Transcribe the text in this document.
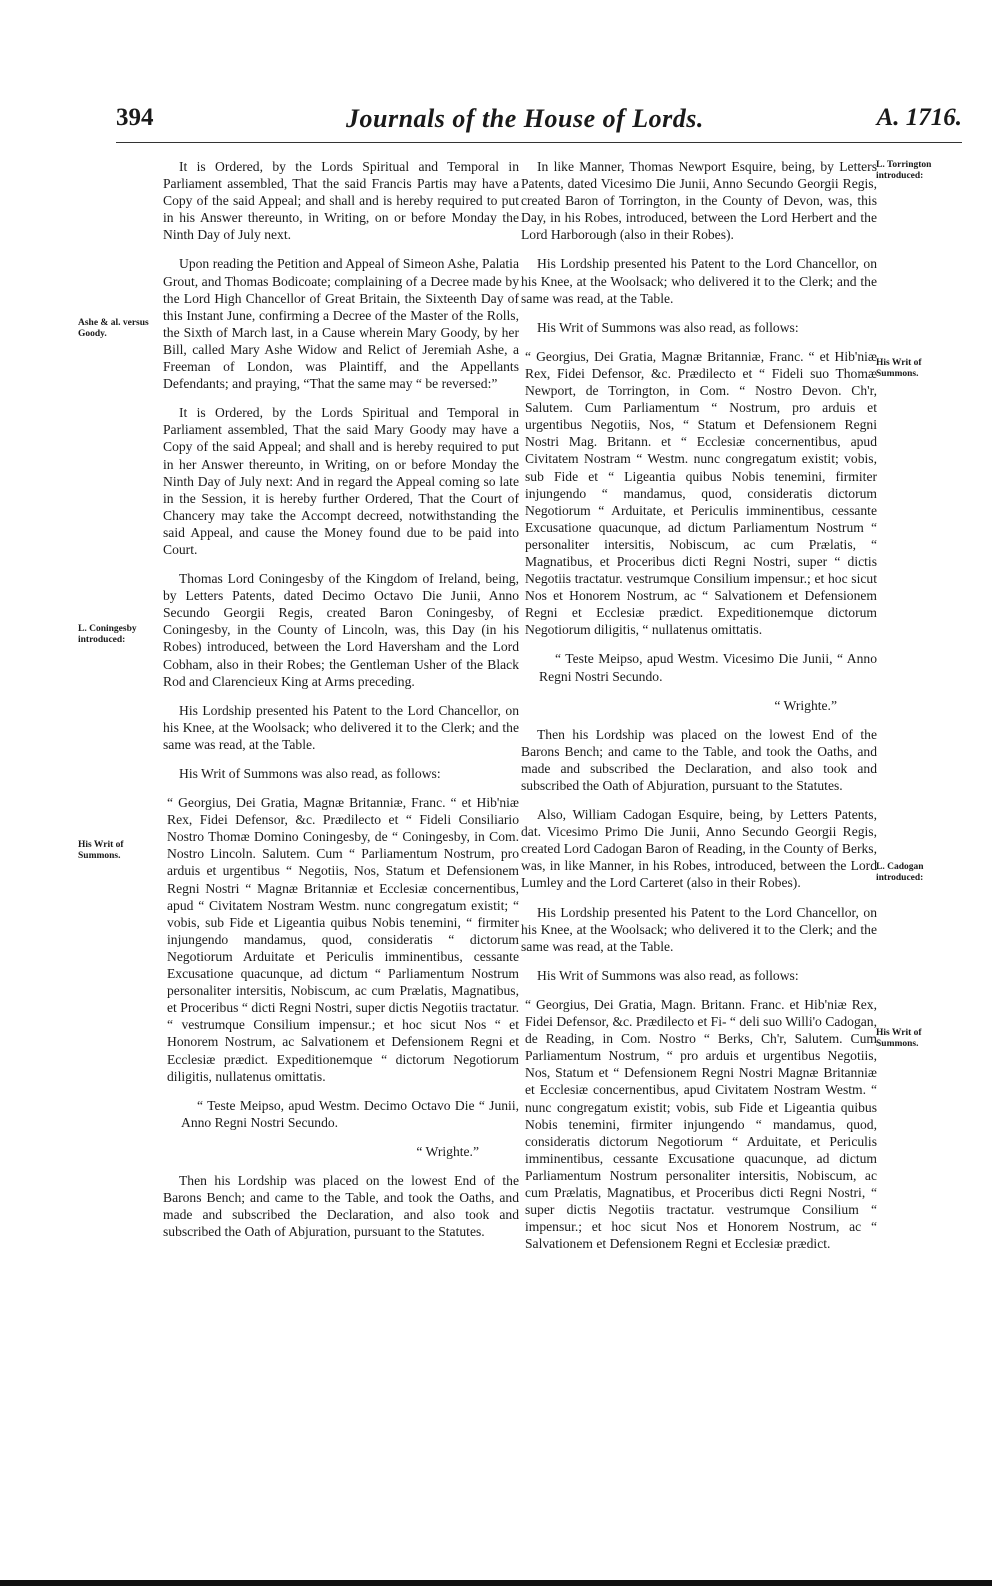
394	Journals of the House of Lords.	A. 1716.
Ashe & al. versus Goody.
L. Coningesby introduced:
His Writ of Summons.
L. Torrington introduced:
His Writ of Summons.
L. Cadogan introduced:
His Writ of Summons.

It is Ordered, by the Lords Spiritual and Temporal in Parliament assembled, That the said Francis Partis may have a Copy of the said Appeal; and shall and is hereby required to put in his Answer thereunto, in Writing, on or before Monday the Ninth Day of July next.

Upon reading the Petition and Appeal of Simeon Ashe, Palatia Grout, and Thomas Bodicoate; complaining of a Decree made by the Lord High Chancellor of Great Britain, the Sixteenth Day of this Instant June, confirming a Decree of the Master of the Rolls, the Sixth of March last, in a Cause wherein Mary Goody, by her Bill, called Mary Ashe Widow and Relict of Jeremiah Ashe, a Freeman of London, was Plaintiff, and the Appellants Defendants; and praying, “That the same may “ be reversed:”

It is Ordered, by the Lords Spiritual and Temporal in Parliament assembled, That the said Mary Goody may have a Copy of the said Appeal; and shall and is hereby required to put in her Answer thereunto, in Writing, on or before Monday the Ninth Day of July next: And in regard the Appeal coming so late in the Session, it is hereby further Ordered, That the Court of Chancery may take the Accompt decreed, notwithstanding the said Appeal, and cause the Money found due to be paid into Court.

Thomas Lord Coningesby of the Kingdom of Ireland, being, by Letters Patents, dated Decimo Octavo Die Junii, Anno Secundo Georgii Regis, created Baron Coningesby, of Coningesby, in the County of Lincoln, was, this Day (in his Robes) introduced, between the Lord Haversham and the Lord Cobham, also in their Robes; the Gentleman Usher of the Black Rod and Clarencieux King at Arms preceding.

His Lordship presented his Patent to the Lord Chancellor, on his Knee, at the Woolsack; who delivered it to the Clerk; and the same was read, at the Table.

His Writ of Summons was also read, as follows:

“ Georgius, Dei Gratia, Magnæ Britanniæ, Franc. “ et Hib'niæ Rex, Fidei Defensor, &c. Prædilecto et “ Fideli Consiliario Nostro Thomæ Domino Coningesby, de “ Coningesby, in Com. Nostro Lincoln. Salutem. Cum “ Parliamentum Nostrum, pro arduis et urgentibus “ Negotiis, Nos, Statum et Defensionem Regni Nostri “ Magnæ Britanniæ et Ecclesiæ concernentibus, apud “ Civitatem Nostram Westm. nunc congregatum existit; “ vobis, sub Fide et Ligeantia quibus Nobis tenemini, “ firmiter injungendo mandamus, quod, consideratis “ dictorum Negotiorum Arduitate et Periculis imminentibus, cessante Excusatione quacunque, ad dictum “ Parliamentum Nostrum personaliter intersitis, Nobiscum, ac cum Prælatis, Magnatibus, et Proceribus “ dicti Regni Nostri, super dictis Negotiis tractatur. “ vestrumque Consilium impensur.; et hoc sicut Nos “ et Honorem Nostrum, ac Salvationem et Defensionem Regni et Ecclesiæ prædict. Expeditionemque “ dictorum Negotiorum diligitis, nullatenus omittatis.

“ Teste Meipso, apud Westm. Decimo Octavo Die “ Junii, Anno Regni Nostri Secundo.

“ Wrighte.”

Then his Lordship was placed on the lowest End of the Barons Bench; and came to the Table, and took the Oaths, and made and subscribed the Declaration, and also took and subscribed the Oath of Abjuration, pursuant to the Statutes.

In like Manner, Thomas Newport Esquire, being, by Letters Patents, dated Vicesimo Die Junii, Anno Secundo Georgii Regis, created Baron of Torrington, in the County of Devon, was, this Day, in his Robes, introduced, between the Lord Herbert and the Lord Harborough (also in their Robes).

His Lordship presented his Patent to the Lord Chancellor, on his Knee, at the Woolsack; who delivered it to the Clerk; and the same was read, at the Table.

His Writ of Summons was also read, as follows:

“ Georgius, Dei Gratia, Magnæ Britanniæ, Franc. “ et Hib'niæ Rex, Fidei Defensor, &c. Prædilecto et “ Fideli suo Thomæ Newport, de Torrington, in Com. “ Nostro Devon. Ch'r, Salutem. Cum Parliamentum “ Nostrum, pro arduis et urgentibus Negotiis, Nos, “ Statum et Defensionem Regni Nostri Mag. Britann. et “ Ecclesiæ concernentibus, apud Civitatem Nostram “ Westm. nunc congregatum existit; vobis, sub Fide et “ Ligeantia quibus Nobis tenemini, firmiter injungendo “ mandamus, quod, consideratis dictorum Negotiorum “ Arduitate, et Periculis imminentibus, cessante Excusatione quacunque, ad dictum Parliamentum Nostrum “ personaliter intersitis, Nobiscum, ac cum Prælatis, “ Magnatibus, et Proceribus dicti Regni Nostri, super “ dictis Negotiis tractatur. vestrumque Consilium impensur.; et hoc sicut Nos et Honorem Nostrum, ac “ Salvationem et Defensionem Regni et Ecclesiæ prædict. Expeditionemque dictorum Negotiorum diligitis, “ nullatenus omittatis.

“ Teste Meipso, apud Westm. Vicesimo Die Junii, “ Anno Regni Nostri Secundo.

“ Wrighte.”

Then his Lordship was placed on the lowest End of the Barons Bench; and came to the Table, and took the Oaths, and made and subscribed the Declaration, and also took and subscribed the Oath of Abjuration, pursuant to the Statutes.

Also, William Cadogan Esquire, being, by Letters Patents, dat. Vicesimo Primo Die Junii, Anno Secundo Georgii Regis, created Lord Cadogan Baron of Reading, in the County of Berks, was, in like Manner, in his Robes, introduced, between the Lord Lumley and the Lord Carteret (also in their Robes).

His Lordship presented his Patent to the Lord Chancellor, on his Knee, at the Woolsack; who delivered it to the Clerk; and the same was read, at the Table.

His Writ of Summons was also read, as follows:

“ Georgius, Dei Gratia, Magn. Britann. Franc. et Hib'niæ Rex, Fidei Defensor, &c. Prædilecto et Fi- “ deli suo Willi'o Cadogan, de Reading, in Com. Nostro “ Berks, Ch'r, Salutem. Cum Parliamentum Nostrum, “ pro arduis et urgentibus Negotiis, Nos, Statum et “ Defensionem Regni Nostri Magnæ Britanniæ et Ecclesiæ concernentibus, apud Civitatem Nostram Westm. “ nunc congregatum existit; vobis, sub Fide et Ligeantia quibus Nobis tenemini, firmiter injungendo “ mandamus, quod, consideratis dictorum Negotiorum “ Arduitate, et Periculis imminentibus, cessante Excusatione quacunque, ad dictum Parliamentum Nostrum personaliter intersitis, Nobiscum, ac cum Prælatis, Magnatibus, et Proceribus dicti Regni Nostri, “ super dictis Negotiis tractatur. vestrumque Consilium “ impensur.; et hoc sicut Nos et Honorem Nostrum, ac “ Salvationem et Defensionem Regni et Ecclesiæ prædict.
